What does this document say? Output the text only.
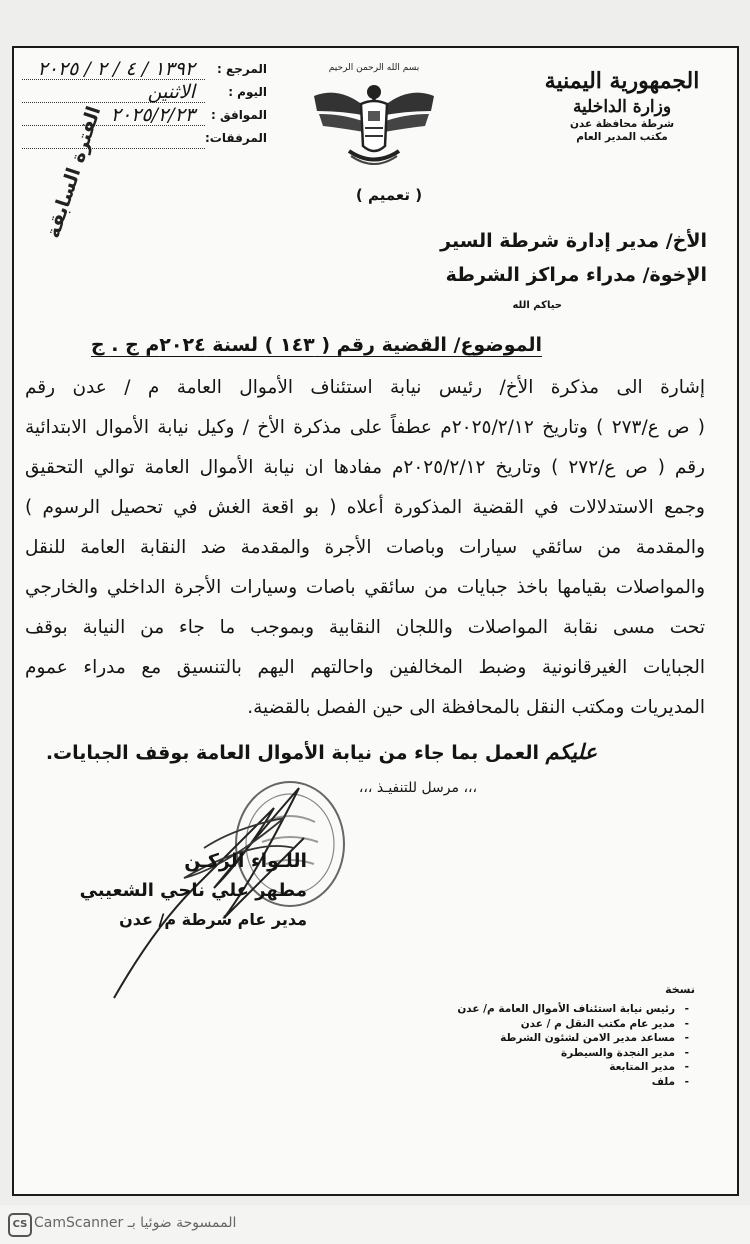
الجمهورية اليمنية
وزارة الداخلية
شرطة محافظة عدن
مكتب المدير العام
بسم الله الرحمن الرحيم
المرجع :
١٣٩٢ / ٤ / ٢ / ٢٠٢٥
اليوم :
الاثنين
الموافق :
٢٠٢٥/٢/٢٣
المرفقات:
( تعميم )
الفترة السابقة
الأخ/ مدير إدارة شرطة السير
الإخوة/ مدراء مراكز الشرطة
حياكم الله
الموضوع/ القضية رقم ( ١٤٣ ) لسنة ٢٠٢٤م ج . ج

إشارة الى مذكرة الأخ/ رئيس نيابة استئناف الأموال العامة م / عدن رقم

( ص ع/٢٧٣ ) وتاريخ ٢٠٢٥/٢/١٢م عطفاً على مذكرة الأخ / وكيل نيابة الأموال الابتدائية

رقم ( ص ع/٢٧٢ ) وتاريخ ٢٠٢٥/٢/١٢م مفادها ان نيابة الأموال العامة توالي التحقيق

وجمع الاستدلالات في القضية المذكورة أعلاه ( بو اقعة الغش في تحصيل الرسوم )

والمقدمة من سائقي سيارات وباصات الأجرة والمقدمة ضد النقابة العامة للنقل

والمواصلات بقيامها باخذ جبايات من سائقي باصات وسيارات الأجرة الداخلي والخارجي

تحت مسى نقابة المواصلات واللجان النقابية وبموجب ما جاء من النيابة بوقف

الجبايات الغيرقانونية وضبط المخالفين واحالتهم اليهم بالتنسيق مع مدراء عموم

المديريات ومكتب النقل بالمحافظة الى حين الفصل بالقضية.

عليكم العمل بما جاء من نيابة الأموال العامة بوقف الجبايات.
،،، مرسل للتنفيـذ ،،،
اللـواء الركـن
مطهر علي ناجي الشعيبي
مدير عام شرطة م/ عدن
نسخة
رئيس نيابة استئناف الأموال العامة م/ عدن -
مدير عام مكتب النقل م / عدن -
مساعد مدير الامن لشئون الشرطة -
مدير النجدة والسيطرة -
مدير المتابعة -
ملف -
CS CamScanner الممسوحة ضوئيا بـ
